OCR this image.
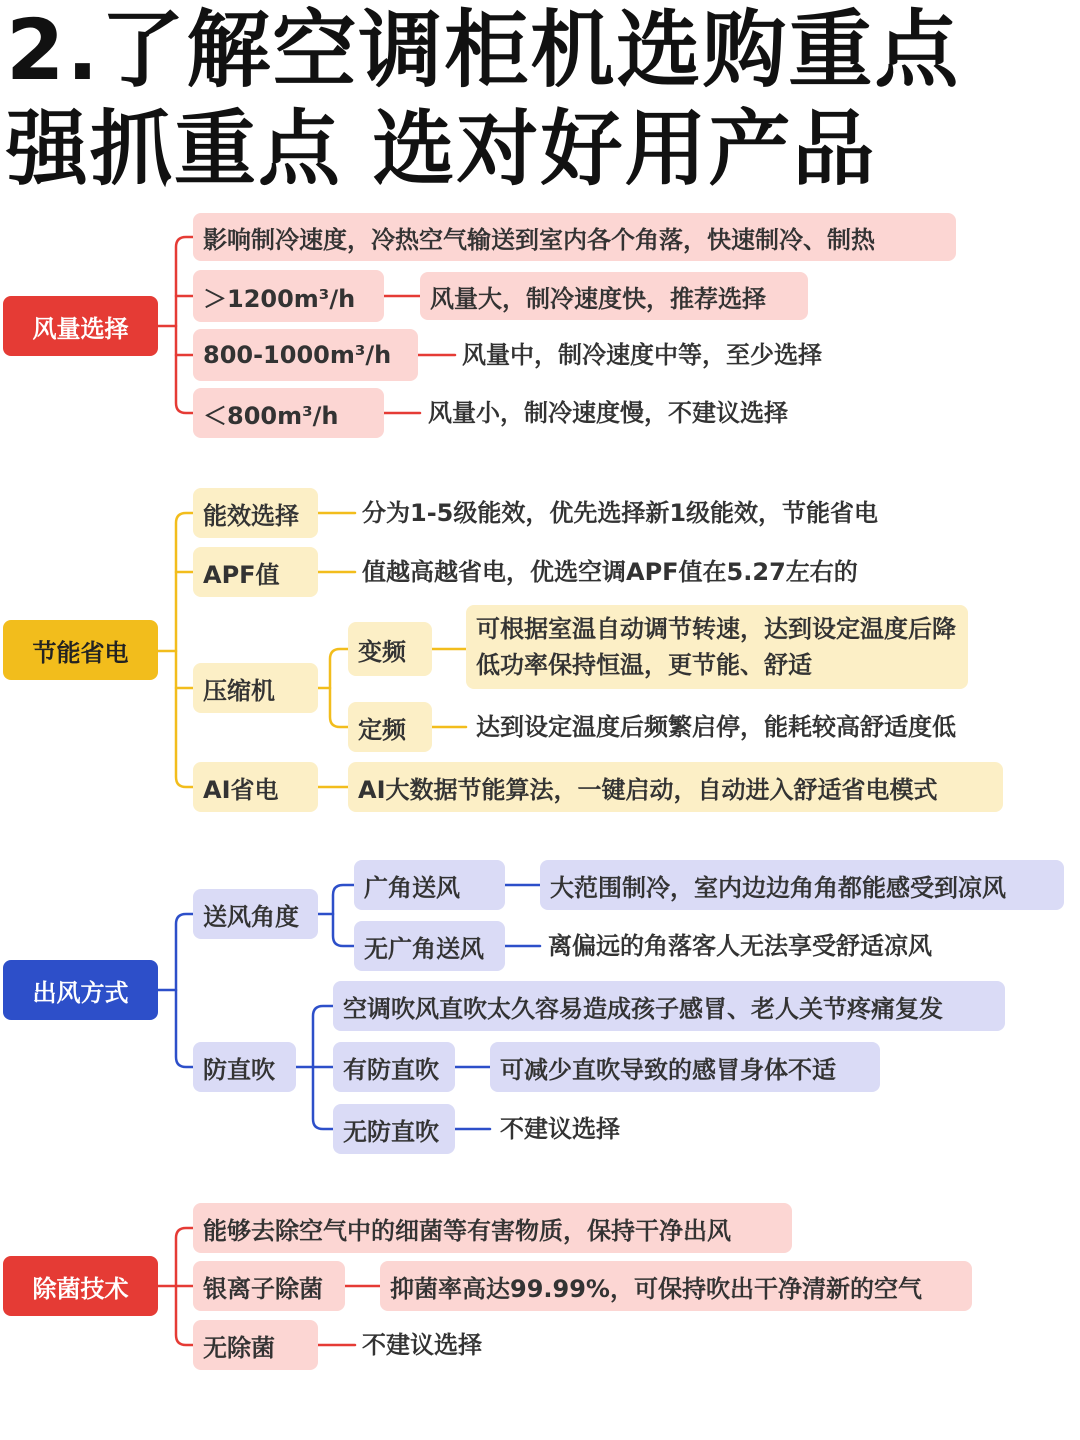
2.了解空调柜机选购重点
强抓重点 选对好用产品
风量选择
影响制冷速度，冷热空气输送到室内各个角落，快速制冷、制热
＞1200m³/h	风量大，制冷速度快，推荐选择
800-1000m³/h	风量中，制冷速度中等，至少选择
＜800m³/h	风量小，制冷速度慢，不建议选择
节能省电
能效选择	分为1-5级能效，优先选择新1级能效，节能省电
APF值	值越高越省电，优选空调APF值在5.27左右的
压缩机
变频
可根据室温自动调节转速，达到设定温度后降低功率保持恒温，更节能、舒适
定频	达到设定温度后频繁启停，能耗较高舒适度低
AI省电	AI大数据节能算法，一键启动，自动进入舒适省电模式
出风方式
送风角度
广角送风	大范围制冷，室内边边角角都能感受到凉风
无广角送风	离偏远的角落客人无法享受舒适凉风
防直吹
空调吹风直吹太久容易造成孩子感冒、老人关节疼痛复发
有防直吹	可减少直吹导致的感冒身体不适
无防直吹	不建议选择
除菌技术
能够去除空气中的细菌等有害物质，保持干净出风
银离子除菌	抑菌率高达99.99%，可保持吹出干净清新的空气
无除菌	不建议选择
